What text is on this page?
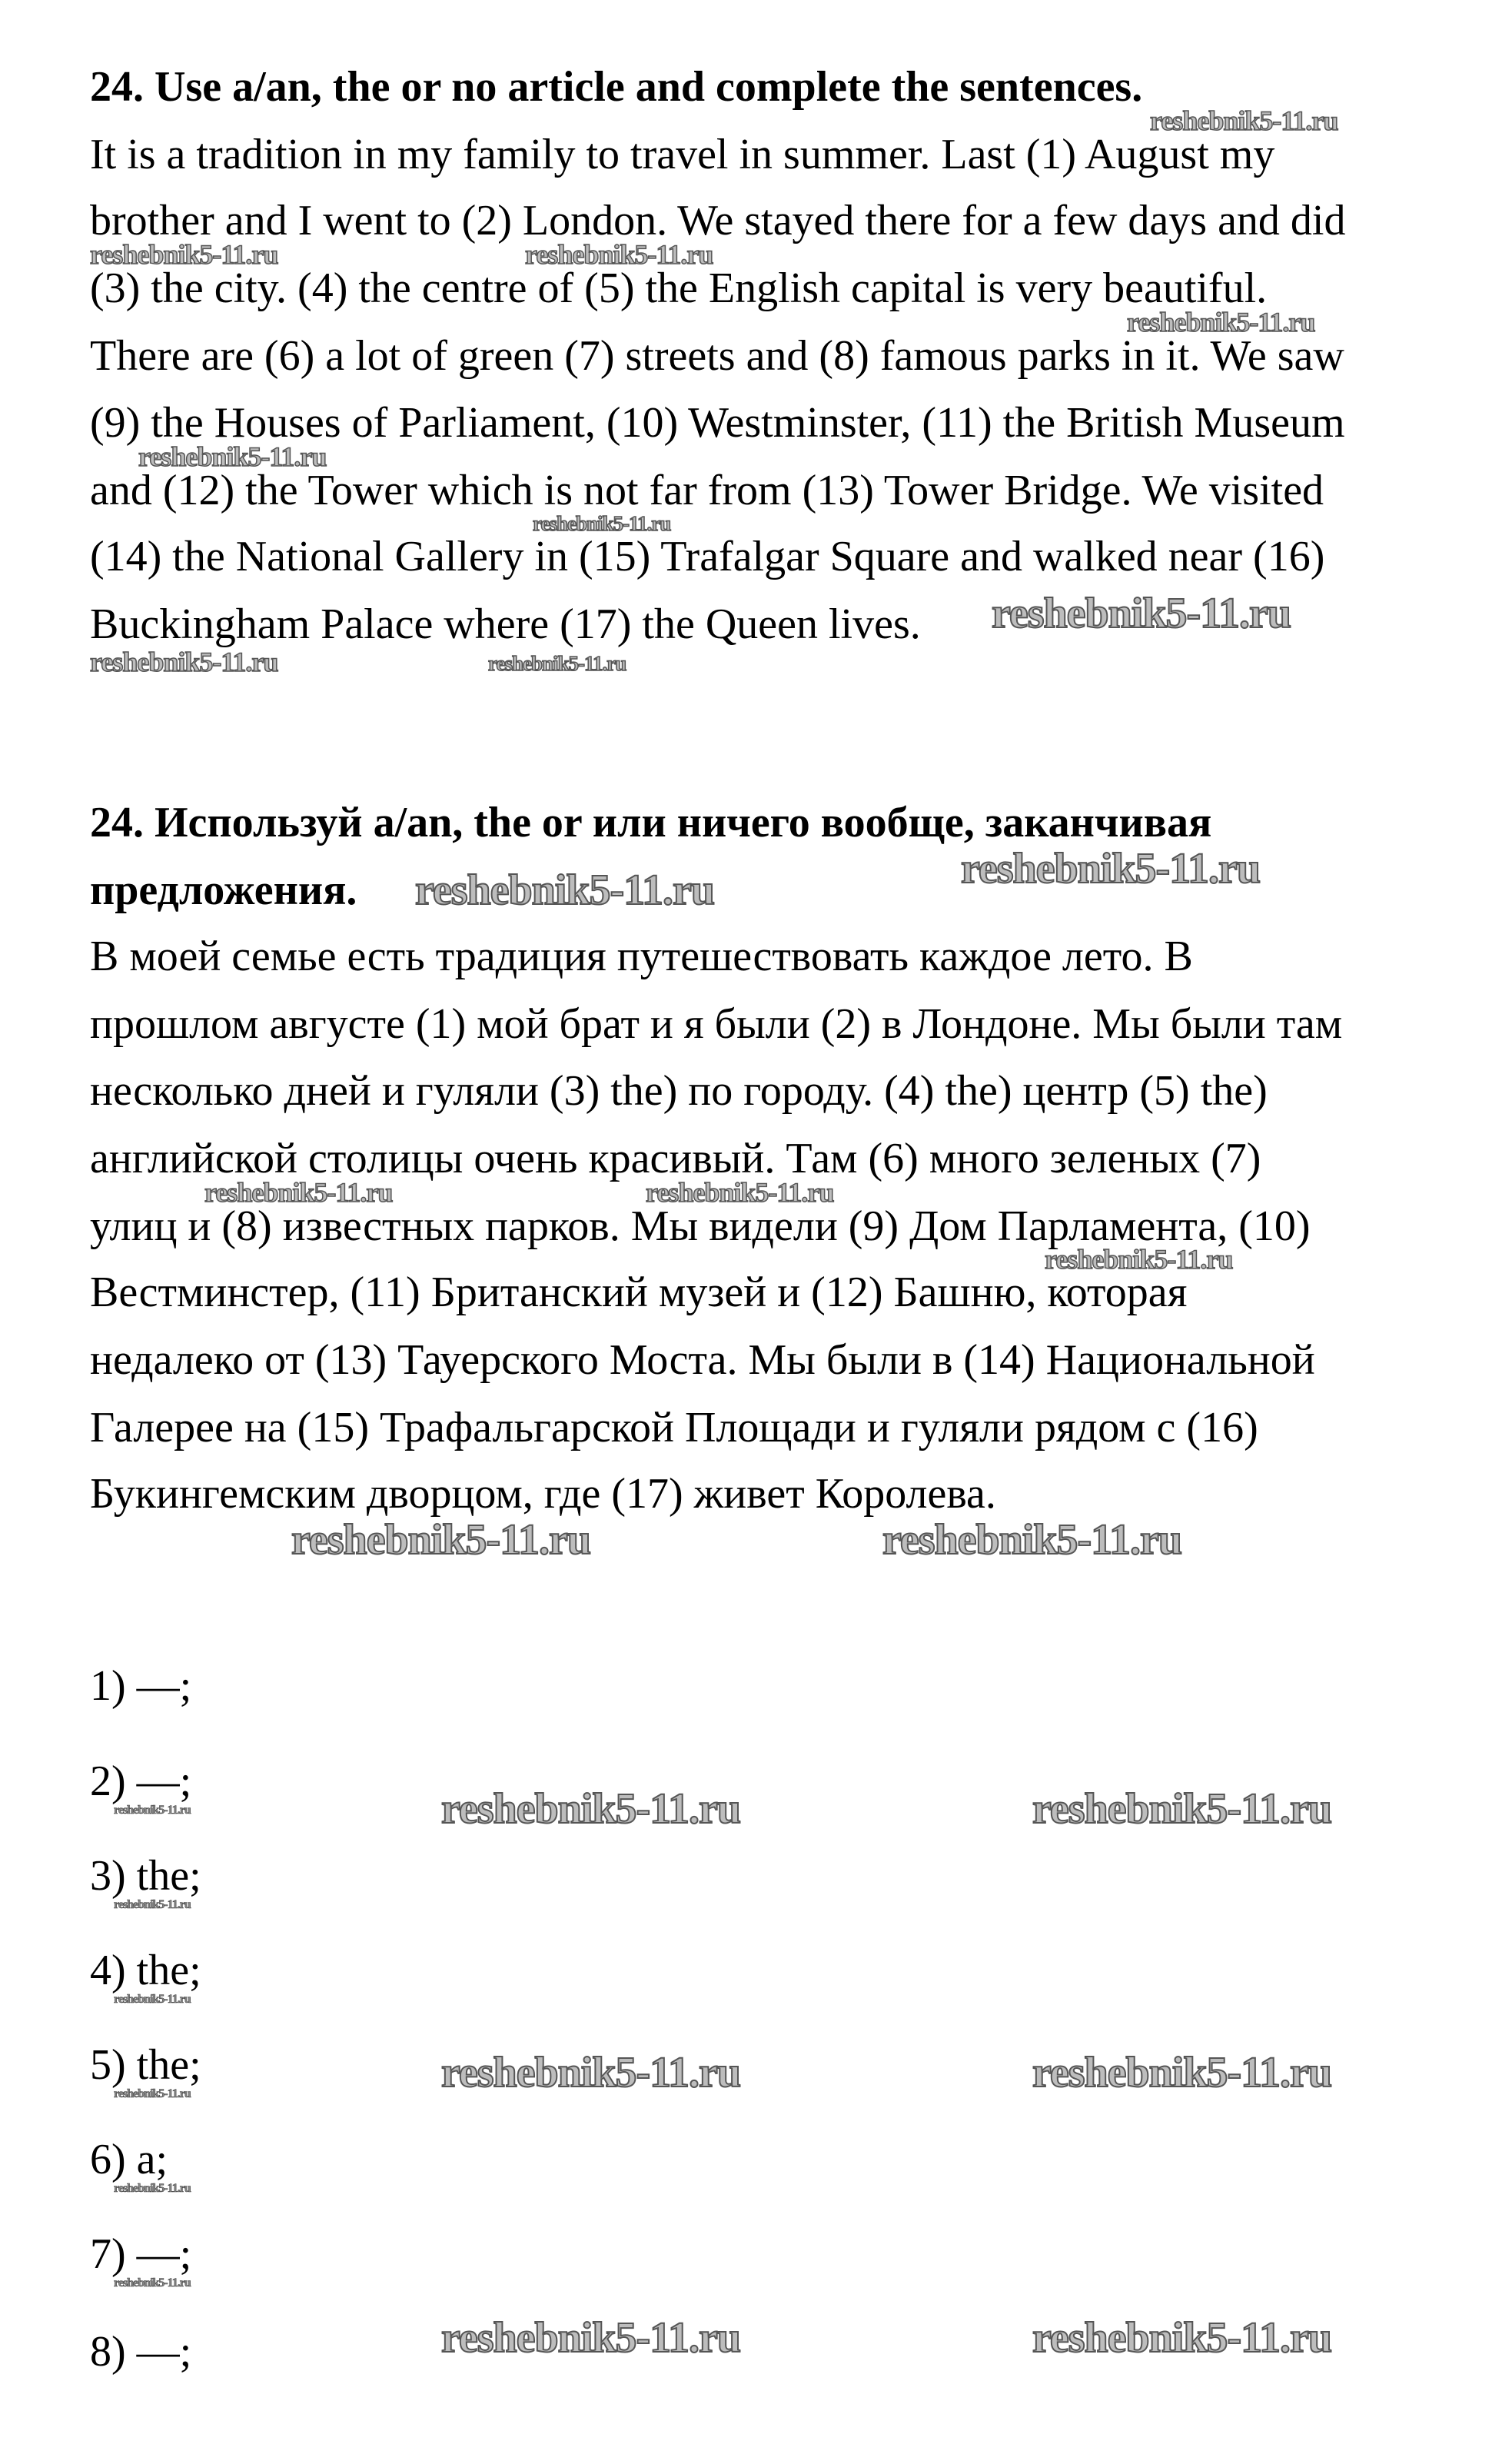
24. Use a/an, the or no article and complete the sentences.
It is a tradition in my family to travel in summer. Last (1) August my
brother and I went to (2) London. We stayed there for a few days and did
(3) the city. (4) the centre of (5) the English capital is very beautiful.
There are (6) a lot of green (7) streets and (8) famous parks in it. We saw
(9) the Houses of Parliament, (10) Westminster, (11) the British Museum
and (12) the Tower which is not far from (13) Tower Bridge. We visited
(14) the National Gallery in (15) Trafalgar Square and walked near (16)
Buckingham Palace where (17) the Queen lives.
24. Используй a/an, the or или ничего вообще, заканчивая
предложения.
В моей семье есть традиция путешествовать каждое лето. В
прошлом августе (1) мой брат и я были (2) в Лондоне. Мы были там
несколько дней и гуляли (3) the) по городу. (4) the) центр (5) the)
английской столицы очень красивый. Там (6) много зеленых (7)
улиц и (8) известных парков. Мы видели (9) Дом Парламента, (10)
Вестминстер, (11) Британский музей и (12) Башню, которая
недалеко от (13) Тауерского Моста. Мы были в (14) Национальной
Галерее на (15) Трафальгарской Площади и гуляли рядом с (16)
Букингемским дворцом, где (17) живет Королева.
1) —;
2) —;
3) the;
4) the;
5) the;
6) a;
7) —;
8) —;
reshebnik5-11.ru
reshebnik5-11.ru	reshebnik5-11.ru
reshebnik5-11.ru
reshebnik5-11.ru
reshebnik5-11.ru
reshebnik5-11.ru
reshebnik5-11.ru	reshebnik5-11.ru
reshebnik5-11.ru
reshebnik5-11.ru
reshebnik5-11.ru	reshebnik5-11.ru
reshebnik5-11.ru
reshebnik5-11.ru	reshebnik5-11.ru
reshebnik5-11.ru	reshebnik5-11.ru
reshebnik5-11.ru	reshebnik5-11.ru
reshebnik5-11.ru	reshebnik5-11.ru
reshebnik5-11.ru
reshebnik5-11.ru
reshebnik5-11.ru
reshebnik5-11.ru
reshebnik5-11.ru
reshebnik5-11.ru
